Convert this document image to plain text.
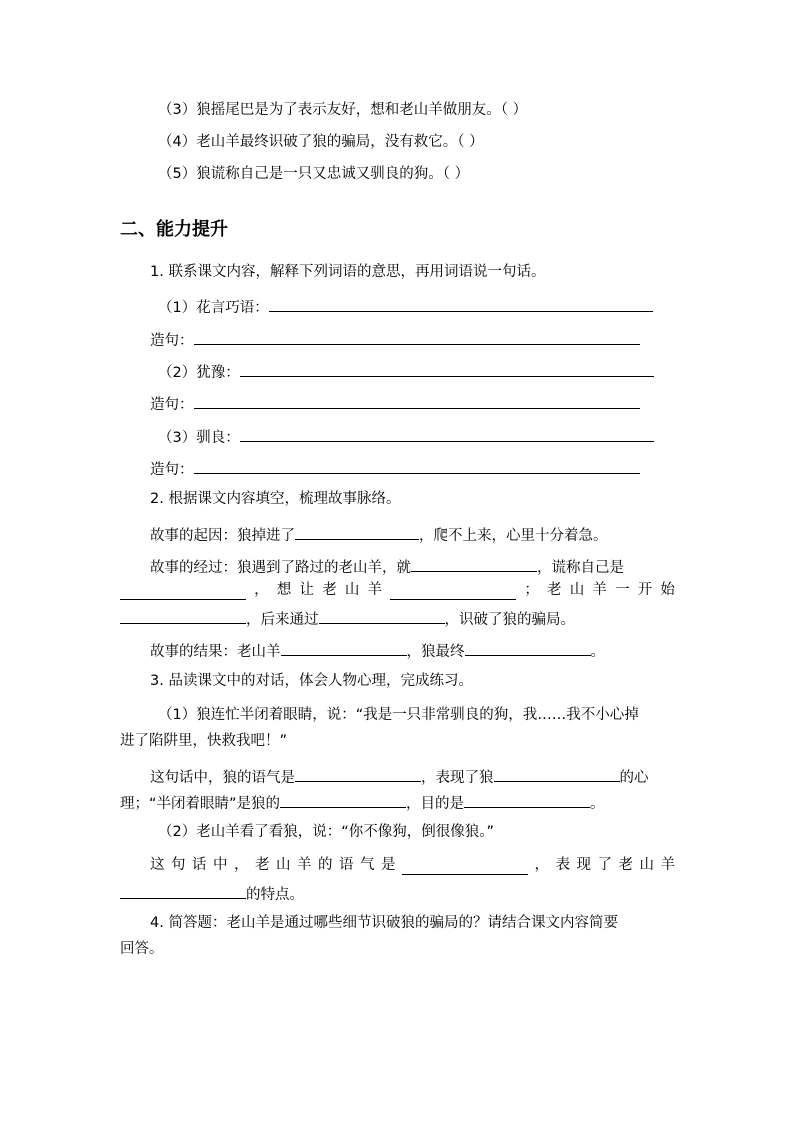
（3）狼摇尾巴是为了表示友好，想和老山羊做朋友。（ ）
（4）老山羊最终识破了狼的骗局，没有救它。（ ）
（5）狼谎称自己是一只又忠诚又驯良的狗。（ ）
二、能力提升
1. 联系课文内容，解释下列词语的意思，再用词语说一句话。
（1）花言巧语：
造句：
（2）犹豫：
造句：
（3）驯良：
造句：
2. 根据课文内容填空，梳理故事脉络。
故事的起因：狼掉进了	，爬不上来，心里十分着急。
故事的经过：狼遇到了路过的老山羊，就	，谎称自己是
， 想 让 老 山 羊	； 老 山 羊 一 开 始
，后来通过	，识破了狼的骗局。
故事的结果：老山羊	，狼最终	。
3. 品读课文中的对话，体会人物心理，完成练习。
（1）狼连忙半闭着眼睛，说：“我是一只非常驯良的狗，我……我不小心掉
进了陷阱里，快救我吧！”
这句话中，狼的语气是	，表现了狼	的心
理；“半闭着眼睛”是狼的	，目的是	。
（2）老山羊看了看狼，说：“你不像狗，倒很像狼。”
这 句 话 中 ， 老 山 羊 的 语 气 是	， 表 现 了 老 山 羊
的特点。
4. 简答题：老山羊是通过哪些细节识破狼的骗局的？请结合课文内容简要
回答。
